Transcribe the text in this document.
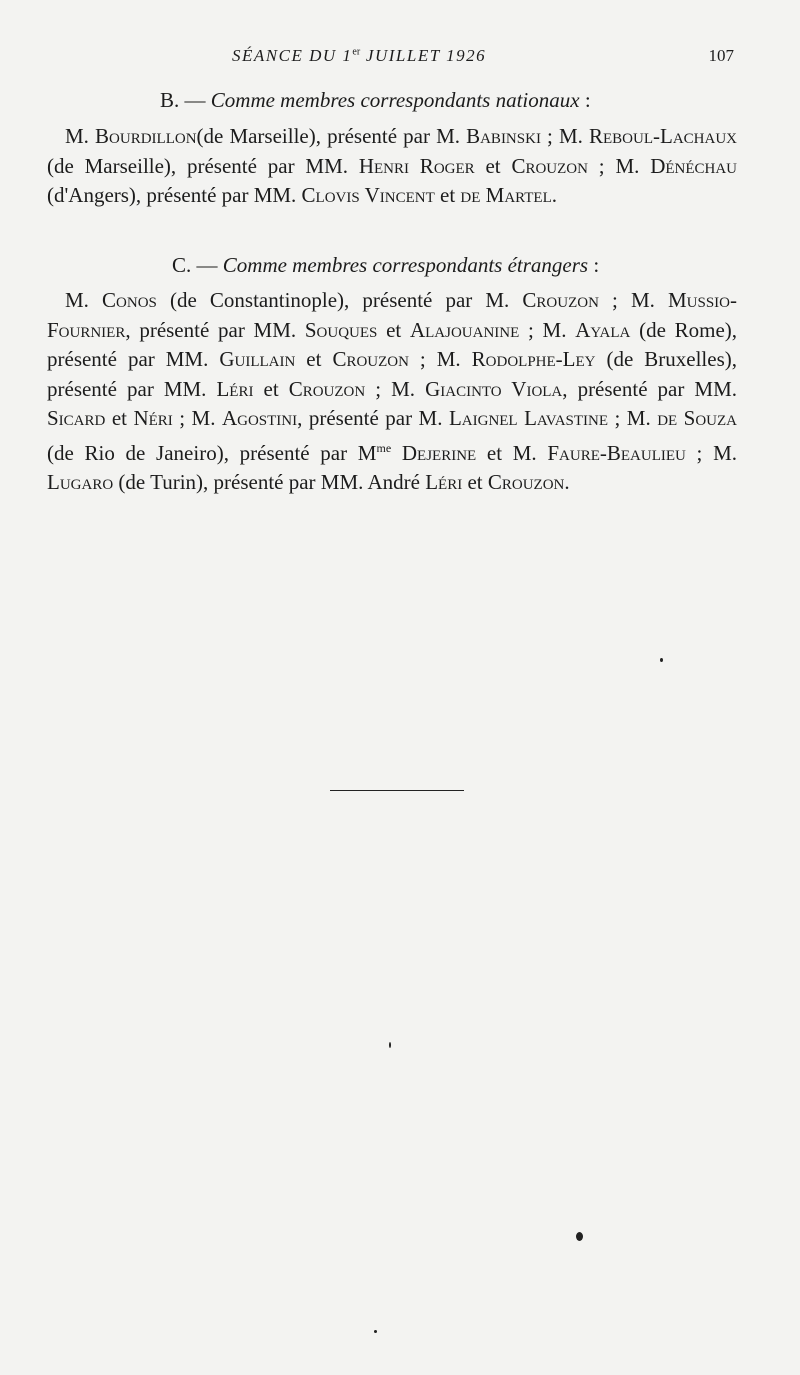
SÉANCE DU 1er JUILLET 1926	107
B. — Comme membres correspondants nationaux :

M. Bourdillon(de Marseille), présenté par M. Babinski ; M. Reboul-Lachaux (de Marseille), présenté par MM. Henri Roger et Crouzon ; M. Dénéchau (d'Angers), présenté par MM. Clovis Vincent et de Martel.

C. — Comme membres correspondants étrangers :

M. Conos (de Constantinople), présenté par M. Crouzon ; M. Mussio-Fournier, présenté par MM. Souques et Alajouanine ; M. Ayala (de Rome), présenté par MM. Guillain et Crouzon ; M. Rodolphe-Ley (de Bruxelles), présenté par MM. Léri et Crouzon ; M. Giacinto Viola, présenté par MM. Sicard et Néri ; M. Agostini, présenté par M. Laignel Lavastine ; M. de Souza (de Rio de Janeiro), présenté par $M^{me}$ Dejerine et M. Faure-Beaulieu ; M. Lugaro (de Turin), présenté par MM. André Léri et Crouzon.
